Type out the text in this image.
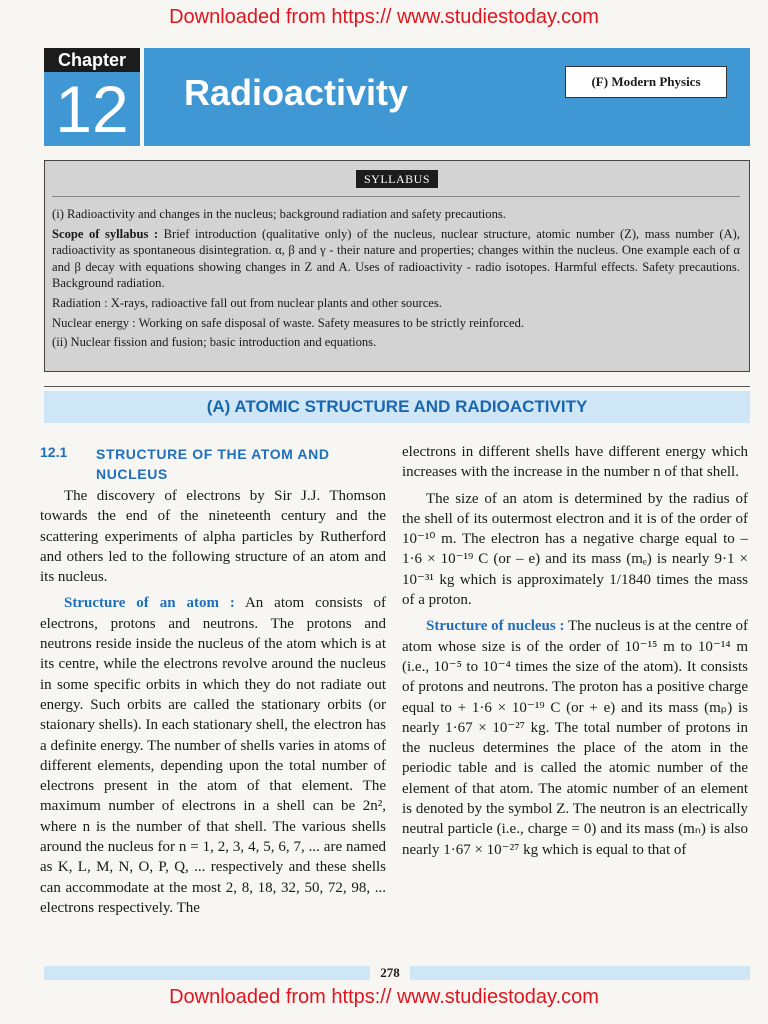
Downloaded from https:// www.studiestoday.com
Chapter
12	Radioactivity	(F) Modern Physics
SYLLABUS

(i) Radioactivity and changes in the nucleus; background radiation and safety precautions.

Scope of syllabus : Brief introduction (qualitative only) of the nucleus, nuclear structure, atomic number (Z), mass number (A), radioactivity as spontaneous disintegration. α, β and γ - their nature and properties; changes within the nucleus. One example each of α and β decay with equations showing changes in Z and A. Uses of radioactivity - radio isotopes. Harmful effects. Safety precautions. Background radiation.

Radiation : X-rays, radioactive fall out from nuclear plants and other sources.

Nuclear energy : Working on safe disposal of waste. Safety measures to be strictly reinforced.

(ii) Nuclear fission and fusion; basic introduction and equations.

(A) ATOMIC STRUCTURE AND RADIOACTIVITY
12.1	STRUCTURE OF THE ATOM AND NUCLEUS

The discovery of electrons by Sir J.J. Thomson towards the end of the nineteenth century and the scattering experiments of alpha particles by Rutherford and others led to the following structure of an atom and its nucleus.

Structure of an atom : An atom consists of electrons, protons and neutrons. The protons and neutrons reside inside the nucleus of the atom which is at its centre, while the electrons revolve around the nucleus in some specific orbits in which they do not radiate out energy. Such orbits are called the stationary orbits (or staionary shells). In each stationary shell, the electron has a definite energy. The number of shells varies in atoms of different elements, depending upon the total number of electrons present in the atom of that element. The maximum number of electrons in a shell can be 2n², where n is the number of that shell. The various shells around the nucleus for n = 1, 2, 3, 4, 5, 6, 7, ... are named as K, L, M, N, O, P, Q, ... respectively and these shells can accommodate at the most 2, 8, 18, 32, 50, 72, 98, ... electrons respectively. The

electrons in different shells have different energy which increases with the increase in the number n of that shell.

The size of an atom is determined by the radius of the shell of its outermost electron and it is of the order of 10⁻¹⁰ m. The electron has a negative charge equal to – 1·6 × 10⁻¹⁹ C (or – e) and its mass (mₑ) is nearly 9·1 × 10⁻³¹ kg which is approximately 1/1840 times the mass of a proton.

Structure of nucleus : The nucleus is at the centre of atom whose size is of the order of 10⁻¹⁵ m to 10⁻¹⁴ m (i.e., 10⁻⁵ to 10⁻⁴ times the size of the atom). It consists of protons and neutrons. The proton has a positive charge equal to + 1·6 × 10⁻¹⁹ C (or + e) and its mass (mₚ) is nearly 1·67 × 10⁻²⁷ kg. The total number of protons in the nucleus determines the place of the atom in the periodic table and is called the atomic number of the element of that atom. The atomic number of an element is denoted by the symbol Z. The neutron is an electrically neutral particle (i.e., charge = 0) and its mass (mₙ) is also nearly 1·67 × 10⁻²⁷ kg which is equal to that of

278
Downloaded from https:// www.studiestoday.com
